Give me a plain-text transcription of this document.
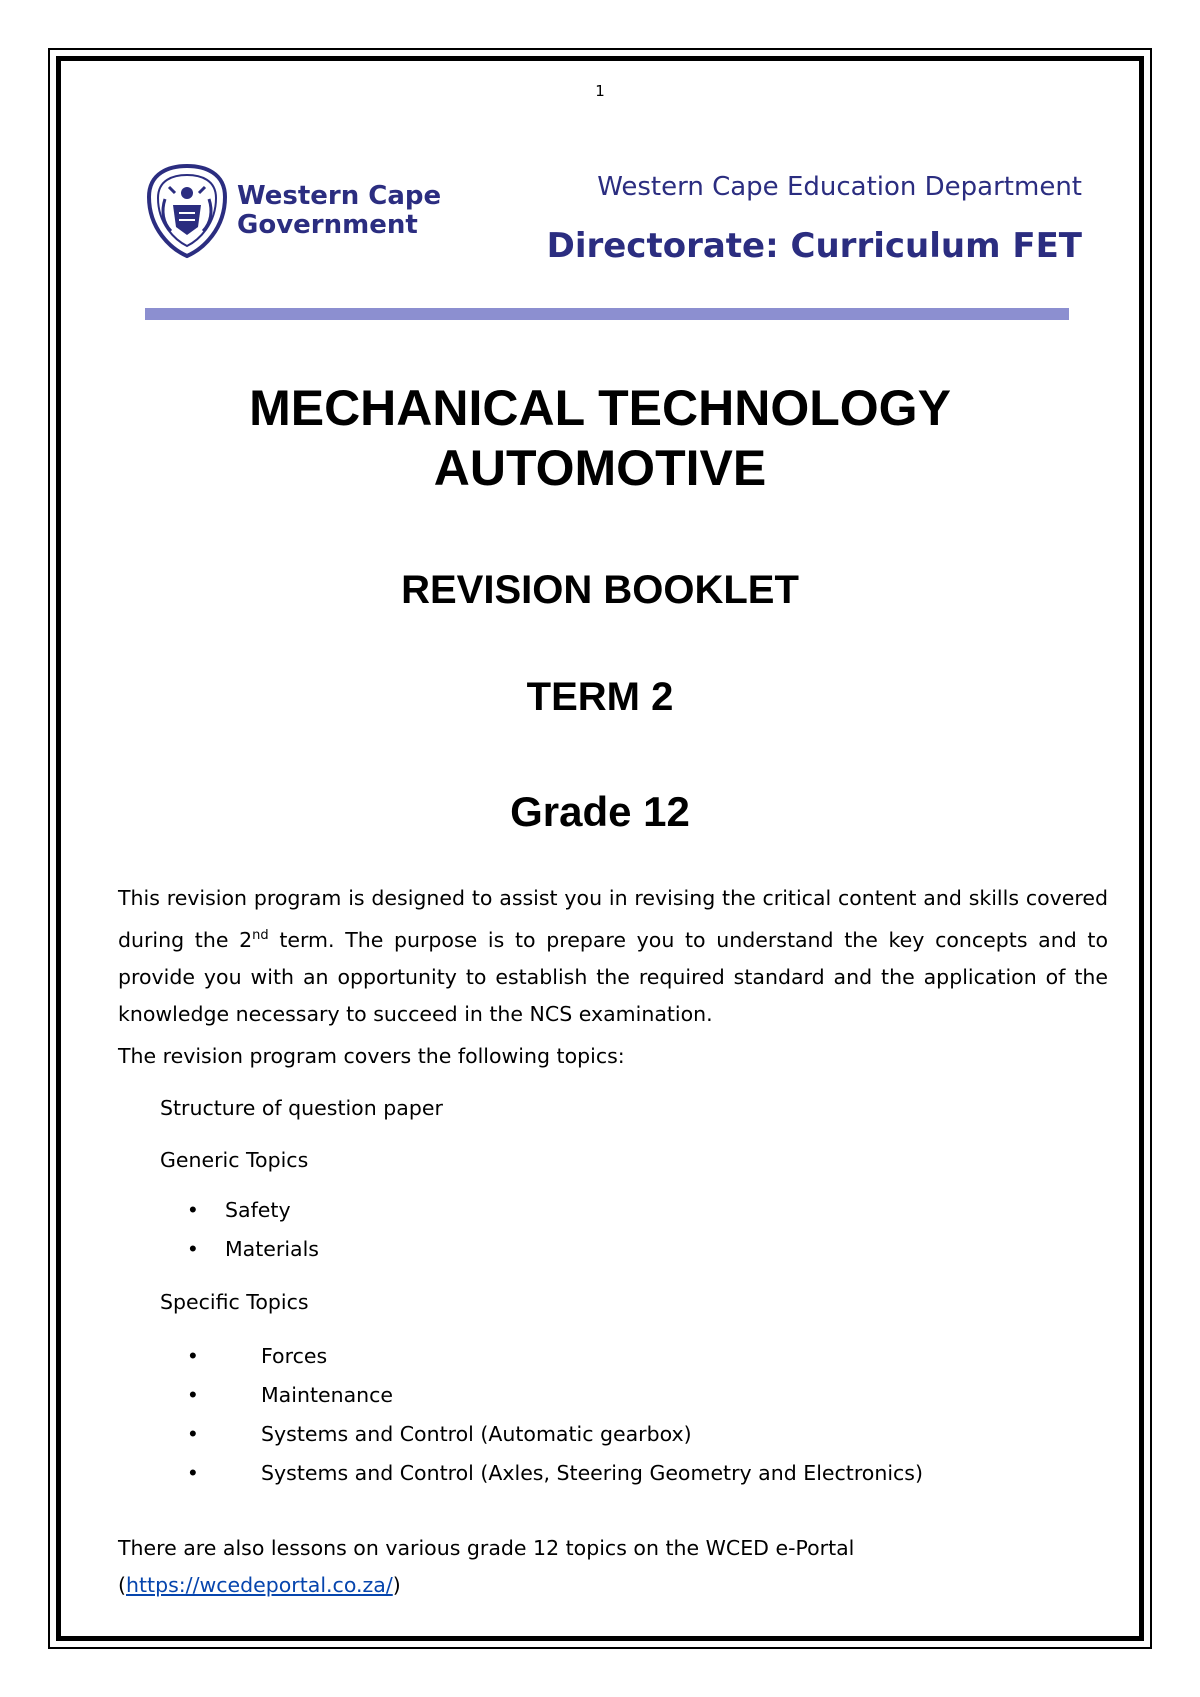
1
Western Cape
Government
Western Cape Education Department
Directorate: Curriculum FET
MECHANICAL TECHNOLOGY
AUTOMOTIVE
REVISION BOOKLET
TERM 2
Grade 12
This revision program is designed to assist you in revising the critical content and skills covered during the 2nd term. The purpose is to prepare you to understand the key concepts and to provide you with an opportunity to establish the required standard and the application of the knowledge necessary to succeed in the NCS examination.
The revision program covers the following topics:
Structure of question paper
Generic Topics
• Safety
• Materials
Specific Topics
•	Forces
•	Maintenance
•	Systems and Control (Automatic gearbox)
•	Systems and Control (Axles, Steering Geometry and Electronics)
There are also lessons on various grade 12 topics on the WCED e-Portal
(https://wcedeportal.co.za/)
